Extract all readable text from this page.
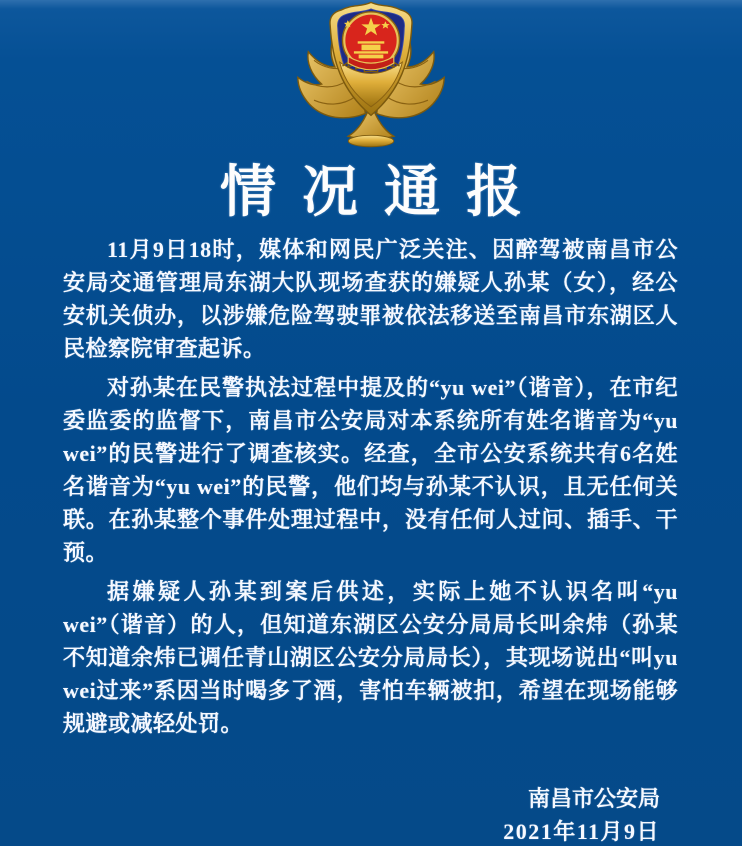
情况通报

11月9日18时，媒体和网民广泛关注、因醉驾被南昌市公安局交通管理局东湖大队现场查获的嫌疑人孙某（女），经公安机关侦办，以涉嫌危险驾驶罪被依法移送至南昌市东湖区人民检察院审查起诉。

对孙某在民警执法过程中提及的“yu wei”（谐音），在市纪委监委的监督下，南昌市公安局对本系统所有姓名谐音为“yu wei”的民警进行了调查核实。经查，全市公安系统共有6名姓名谐音为“yu wei”的民警，他们均与孙某不认识，且无任何关联。在孙某整个事件处理过程中，没有任何人过问、插手、干预。

据嫌疑人孙某到案后供述，实际上她不认识名叫“yu wei”（谐音）的人，但知道东湖区公安分局局长叫余炜（孙某不知道余炜已调任青山湖区公安分局局长），其现场说出“叫yu wei过来”系因当时喝多了酒，害怕车辆被扣，希望在现场能够规避或减轻处罚。

南昌市公安局
2021年11月9日
